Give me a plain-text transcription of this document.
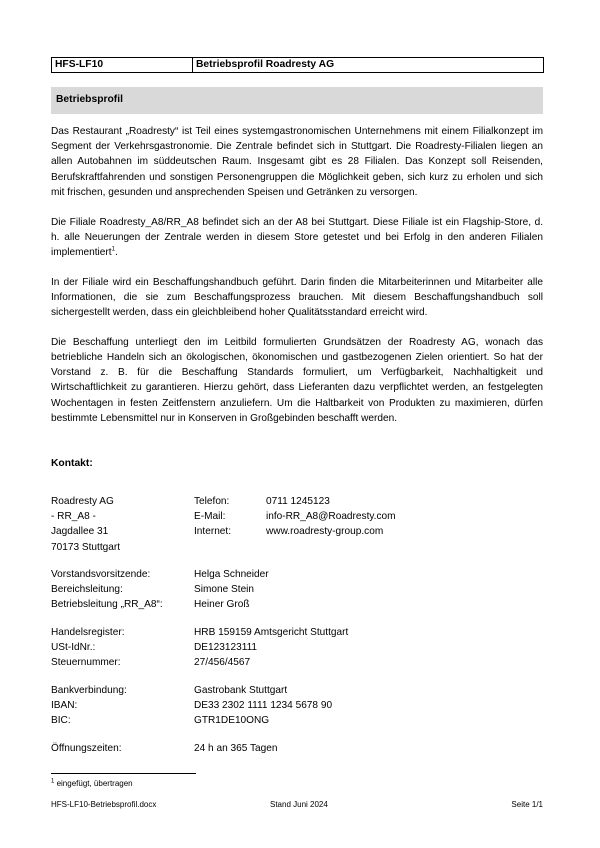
HFS-LF10	Betriebsprofil Roadresty AG
Betriebsprofil

Das Restaurant „Roadresty“ ist Teil eines systemgastronomischen Unternehmens mit einem Filialkonzept im Segment der Verkehrsgastronomie. Die Zentrale befindet sich in Stuttgart. Die Roadresty-Filialen liegen an allen Autobahnen im süddeutschen Raum. Insgesamt gibt es 28 Filialen. Das Konzept soll Reisenden, Berufskraftfahrenden und sonstigen Personengruppen die Möglichkeit geben, sich kurz zu erholen und sich mit frischen, gesunden und ansprechenden Speisen und Getränken zu versorgen.

Die Filiale Roadresty_A8/RR_A8 befindet sich an der A8 bei Stuttgart. Diese Filiale ist ein Flagship-Store, d. h. alle Neuerungen der Zentrale werden in diesem Store getestet und bei Erfolg in den anderen Filialen implementiert$^1$.

In der Filiale wird ein Beschaffungshandbuch geführt. Darin finden die Mitarbeiterinnen und Mitarbeiter alle Informationen, die sie zum Beschaffungsprozess brauchen. Mit diesem Beschaffungshandbuch soll sichergestellt werden, dass ein gleichbleibend hoher Qualitätsstandard erreicht wird.

Die Beschaffung unterliegt den im Leitbild formulierten Grundsätzen der Roadresty AG, wonach das betriebliche Handeln sich an ökologischen, ökonomischen und gastbezogenen Zielen orientiert. So hat der Vorstand z. B. für die Beschaffung Standards formuliert, um Verfügbarkeit, Nachhaltigkeit und Wirtschaftlichkeit zu garantieren. Hierzu gehört, dass Lieferanten dazu verpflichtet werden, an festgelegten Wochentagen in festen Zeitfenstern anzuliefern. Um die Haltbarkeit von Produkten zu maximieren, dürfen bestimmte Lebensmittel nur in Konserven in Großgebinden beschafft werden.

Kontakt:
Roadresty AG	Telefon:	0711 1245123
- RR_A8 -	E-Mail:	info-RR_A8@Roadresty.com
Jagdallee 31	Internet:	www.roadresty-group.com
70173 Stuttgart
Vorstandsvorsitzende:	Helga Schneider
Bereichsleitung:	Simone Stein
Betriebsleitung „RR_A8“:	Heiner Groß
Handelsregister:	HRB 159159 Amtsgericht Stuttgart
USt-IdNr.:	DE123123111
Steuernummer:	27/456/4567
Bankverbindung:	Gastrobank Stuttgart
IBAN:	DE33 2302 1111 1234 5678 90
BIC:	GTR1DE10ONG
Öffnungszeiten:	24 h an 365 Tagen
$^1$ eingefügt, übertragen
HFS-LF10-Betriebsprofil.docx	Stand Juni 2024	Seite 1/1
